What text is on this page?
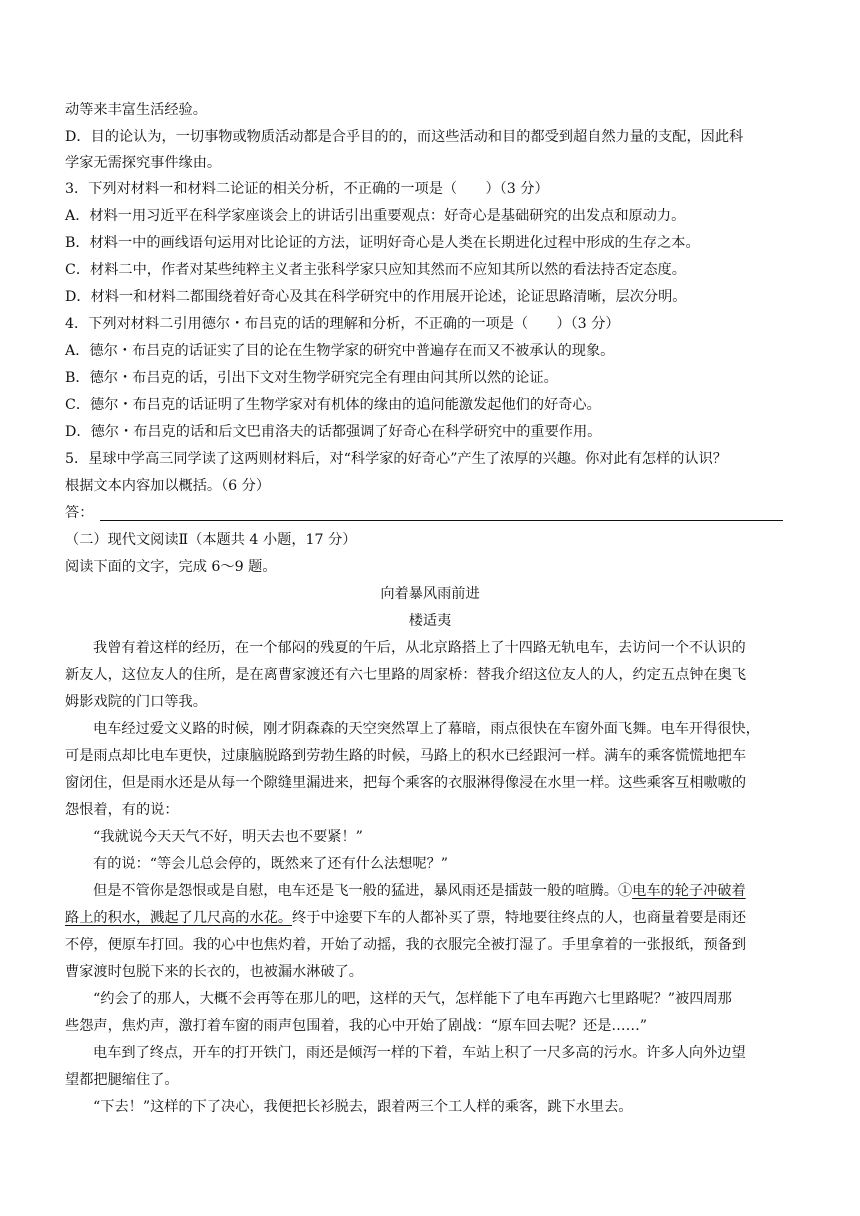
动等来丰富生活经验。
D．目的论认为，一切事物或物质活动都是合乎目的的，而这些活动和目的都受到超自然力量的支配，因此科
学家无需探究事件缘由。
3．下列对材料一和材料二论证的相关分析，不正确的一项是（　　）（3 分）
A．材料一用习近平在科学家座谈会上的讲话引出重要观点：好奇心是基础研究的出发点和原动力。
B．材料一中的画线语句运用对比论证的方法，证明好奇心是人类在长期进化过程中形成的生存之本。
C．材料二中，作者对某些纯粹主义者主张科学家只应知其然而不应知其所以然的看法持否定态度。
D．材料一和材料二都围绕着好奇心及其在科学研究中的作用展开论述，论证思路清晰，层次分明。
4．下列对材料二引用德尔・布吕克的话的理解和分析，不正确的一项是（　　）（3 分）
A．德尔・布吕克的话证实了目的论在生物学家的研究中普遍存在而又不被承认的现象。
B．德尔・布吕克的话，引出下文对生物学研究完全有理由问其所以然的论证。
C．德尔・布吕克的话证明了生物学家对有机体的缘由的追问能激发起他们的好奇心。
D．德尔・布吕克的话和后文巴甫洛夫的话都强调了好奇心在科学研究中的重要作用。
5．星球中学高三同学读了这两则材料后，对“科学家的好奇心”产生了浓厚的兴趣。你对此有怎样的认识？
根据文本内容加以概括。（6 分）
答：
（二）现代文阅读Ⅱ（本题共 4 小题，17 分）
阅读下面的文字，完成 6～9 题。
向着暴风雨前进
楼适夷
我曾有着这样的经历，在一个郁闷的残夏的午后，从北京路搭上了十四路无轨电车，去访问一个不认识的
新友人，这位友人的住所，是在离曹家渡还有六七里路的周家桥：替我介绍这位友人的人，约定五点钟在奥飞
姆影戏院的门口等我。
电车经过爱文义路的时候，刚才阴森森的天空突然罩上了幕暗，雨点很快在车窗外面飞舞。电车开得很快，
可是雨点却比电车更快，过康脑脱路到劳勃生路的时候，马路上的积水已经跟河一样。满车的乘客慌慌地把车
窗闭住，但是雨水还是从每一个隙缝里漏进来，把每个乘客的衣服淋得像浸在水里一样。这些乘客互相嗷嗷的
怨恨着，有的说：
“我就说今天天气不好，明天去也不要紧！”
有的说：“等会儿总会停的，既然来了还有什么法想呢？”
但是不管你是怨恨或是自慰，电车还是飞一般的猛进，暴风雨还是擂鼓一般的喧腾。①电车的轮子冲破着
路上的积水，溅起了几尺高的水花。终于中途要下车的人都补买了票，特地要往终点的人，也商量着要是雨还
不停，便原车打回。我的心中也焦灼着，开始了动摇，我的衣服完全被打湿了。手里拿着的一张报纸，预备到
曹家渡时包脱下来的长衣的，也被漏水淋破了。
“约会了的那人，大概不会再等在那儿的吧，这样的天气，怎样能下了电车再跑六七里路呢？”被四周那
些怨声，焦灼声，激打着车窗的雨声包围着，我的心中开始了剧战：“原车回去呢？还是……”
电车到了终点，开车的打开铁门，雨还是倾泻一样的下着，车站上积了一尺多高的污水。许多人向外边望
望都把腿缩住了。
“下去！”这样的下了决心，我便把长衫脱去，跟着两三个工人样的乘客，跳下水里去。
